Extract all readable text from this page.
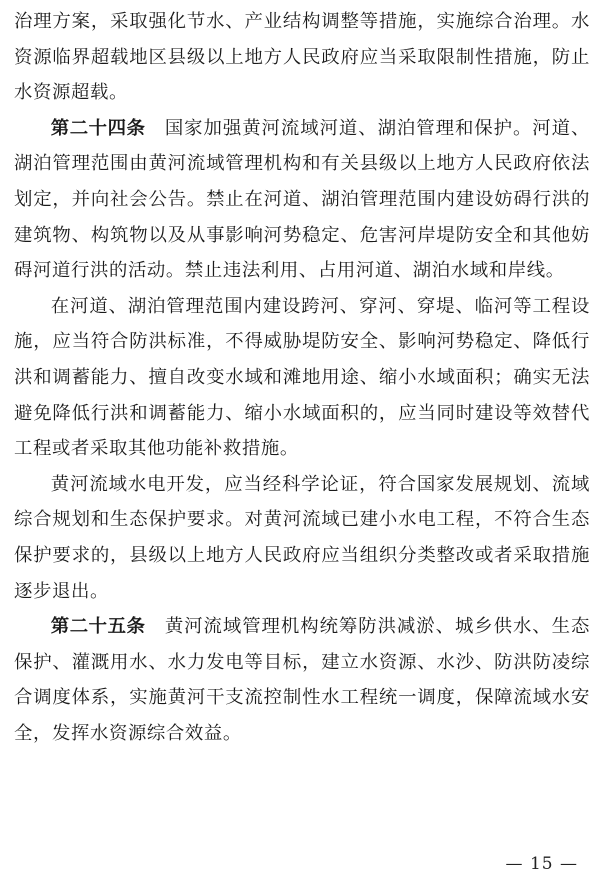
治理方案，采取强化节水、产业结构调整等措施，实施综合治理。水资源临界超载地区县级以上地方人民政府应当采取限制性措施，防止水资源超载。

第二十四条　 国家加强黄河流域河道、湖泊管理和保护。河道、湖泊管理范围由黄河流域管理机构和有关县级以上地方人民政府依法划定，并向社会公告。禁止在河道、湖泊管理范围内建设妨碍行洪的建筑物、构筑物以及从事影响河势稳定、危害河岸堤防安全和其他妨碍河道行洪的活动。禁止违法利用、占用河道、湖泊水域和岸线。

在河道、湖泊管理范围内建设跨河、穿河、穿堤、临河等工程设施，应当符合防洪标准，不得威胁堤防安全、影响河势稳定、降低行洪和调蓄能力、擅自改变水域和滩地用途、缩小水域面积；确实无法避免降低行洪和调蓄能力、缩小水域面积的，应当同时建设等效替代工程或者采取其他功能补救措施。

黄河流域水电开发，应当经科学论证，符合国家发展规划、流域综合规划和生态保护要求。对黄河流域已建小水电工程，不符合生态保护要求的，县级以上地方人民政府应当组织分类整改或者采取措施逐步退出。

第二十五条　 黄河流域管理机构统筹防洪减淤、城乡供水、生态保护、灌溉用水、水力发电等目标，建立水资源、水沙、防洪防凌综合调度体系，实施黄河干支流控制性水工程统一调度，保障流域水安全，发挥水资源综合效益。

— 15 —
